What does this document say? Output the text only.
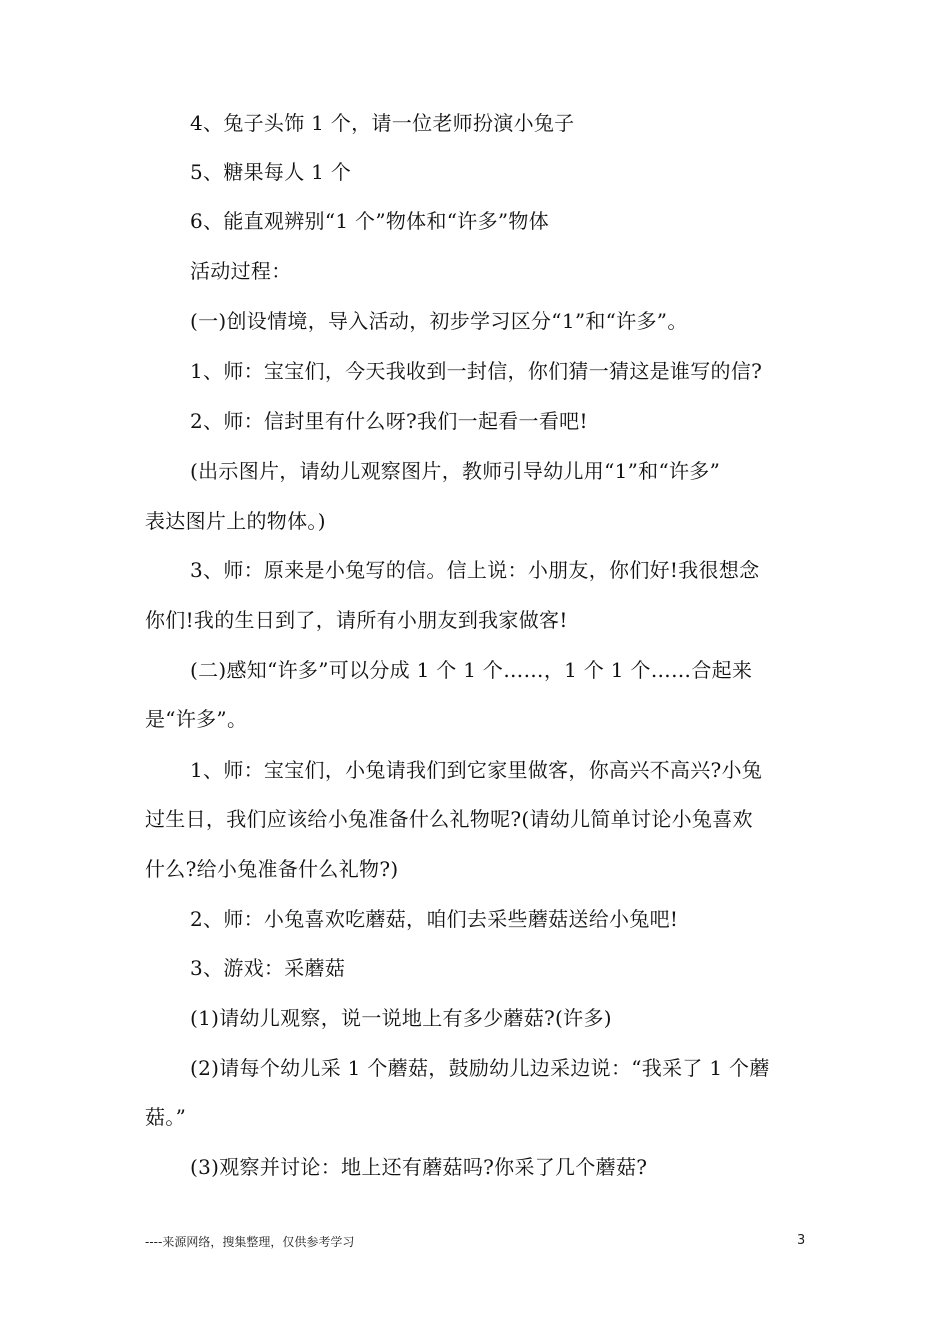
4、兔子头饰 1 个，请一位老师扮演小兔子
5、糖果每人 1 个
6、能直观辨别“1 个”物体和“许多”物体
活动过程：
(一)创设情境，导入活动，初步学习区分“1”和“许多”。
1、师：宝宝们，今天我收到一封信，你们猜一猜这是谁写的信?
2、师：信封里有什么呀?我们一起看一看吧!
(出示图片，请幼儿观察图片，教师引导幼儿用“1”和“许多”
表达图片上的物体。)
3、师：原来是小兔写的信。信上说：小朋友，你们好!我很想念
你们!我的生日到了，请所有小朋友到我家做客!
(二)感知“许多”可以分成 1 个 1 个……，1 个 1 个……合起来
是“许多”。
1、师：宝宝们，小兔请我们到它家里做客，你高兴不高兴?小兔
过生日，我们应该给小兔准备什么礼物呢?(请幼儿简单讨论小兔喜欢
什么?给小兔准备什么礼物?)
2、师：小兔喜欢吃蘑菇，咱们去采些蘑菇送给小兔吧!
3、游戏：采蘑菇
(1)请幼儿观察，说一说地上有多少蘑菇?(许多)
(2)请每个幼儿采 1 个蘑菇，鼓励幼儿边采边说：“我采了 1 个蘑
菇。”
(3)观察并讨论：地上还有蘑菇吗?你采了几个蘑菇?
----来源网络，搜集整理，仅供参考学习	3
